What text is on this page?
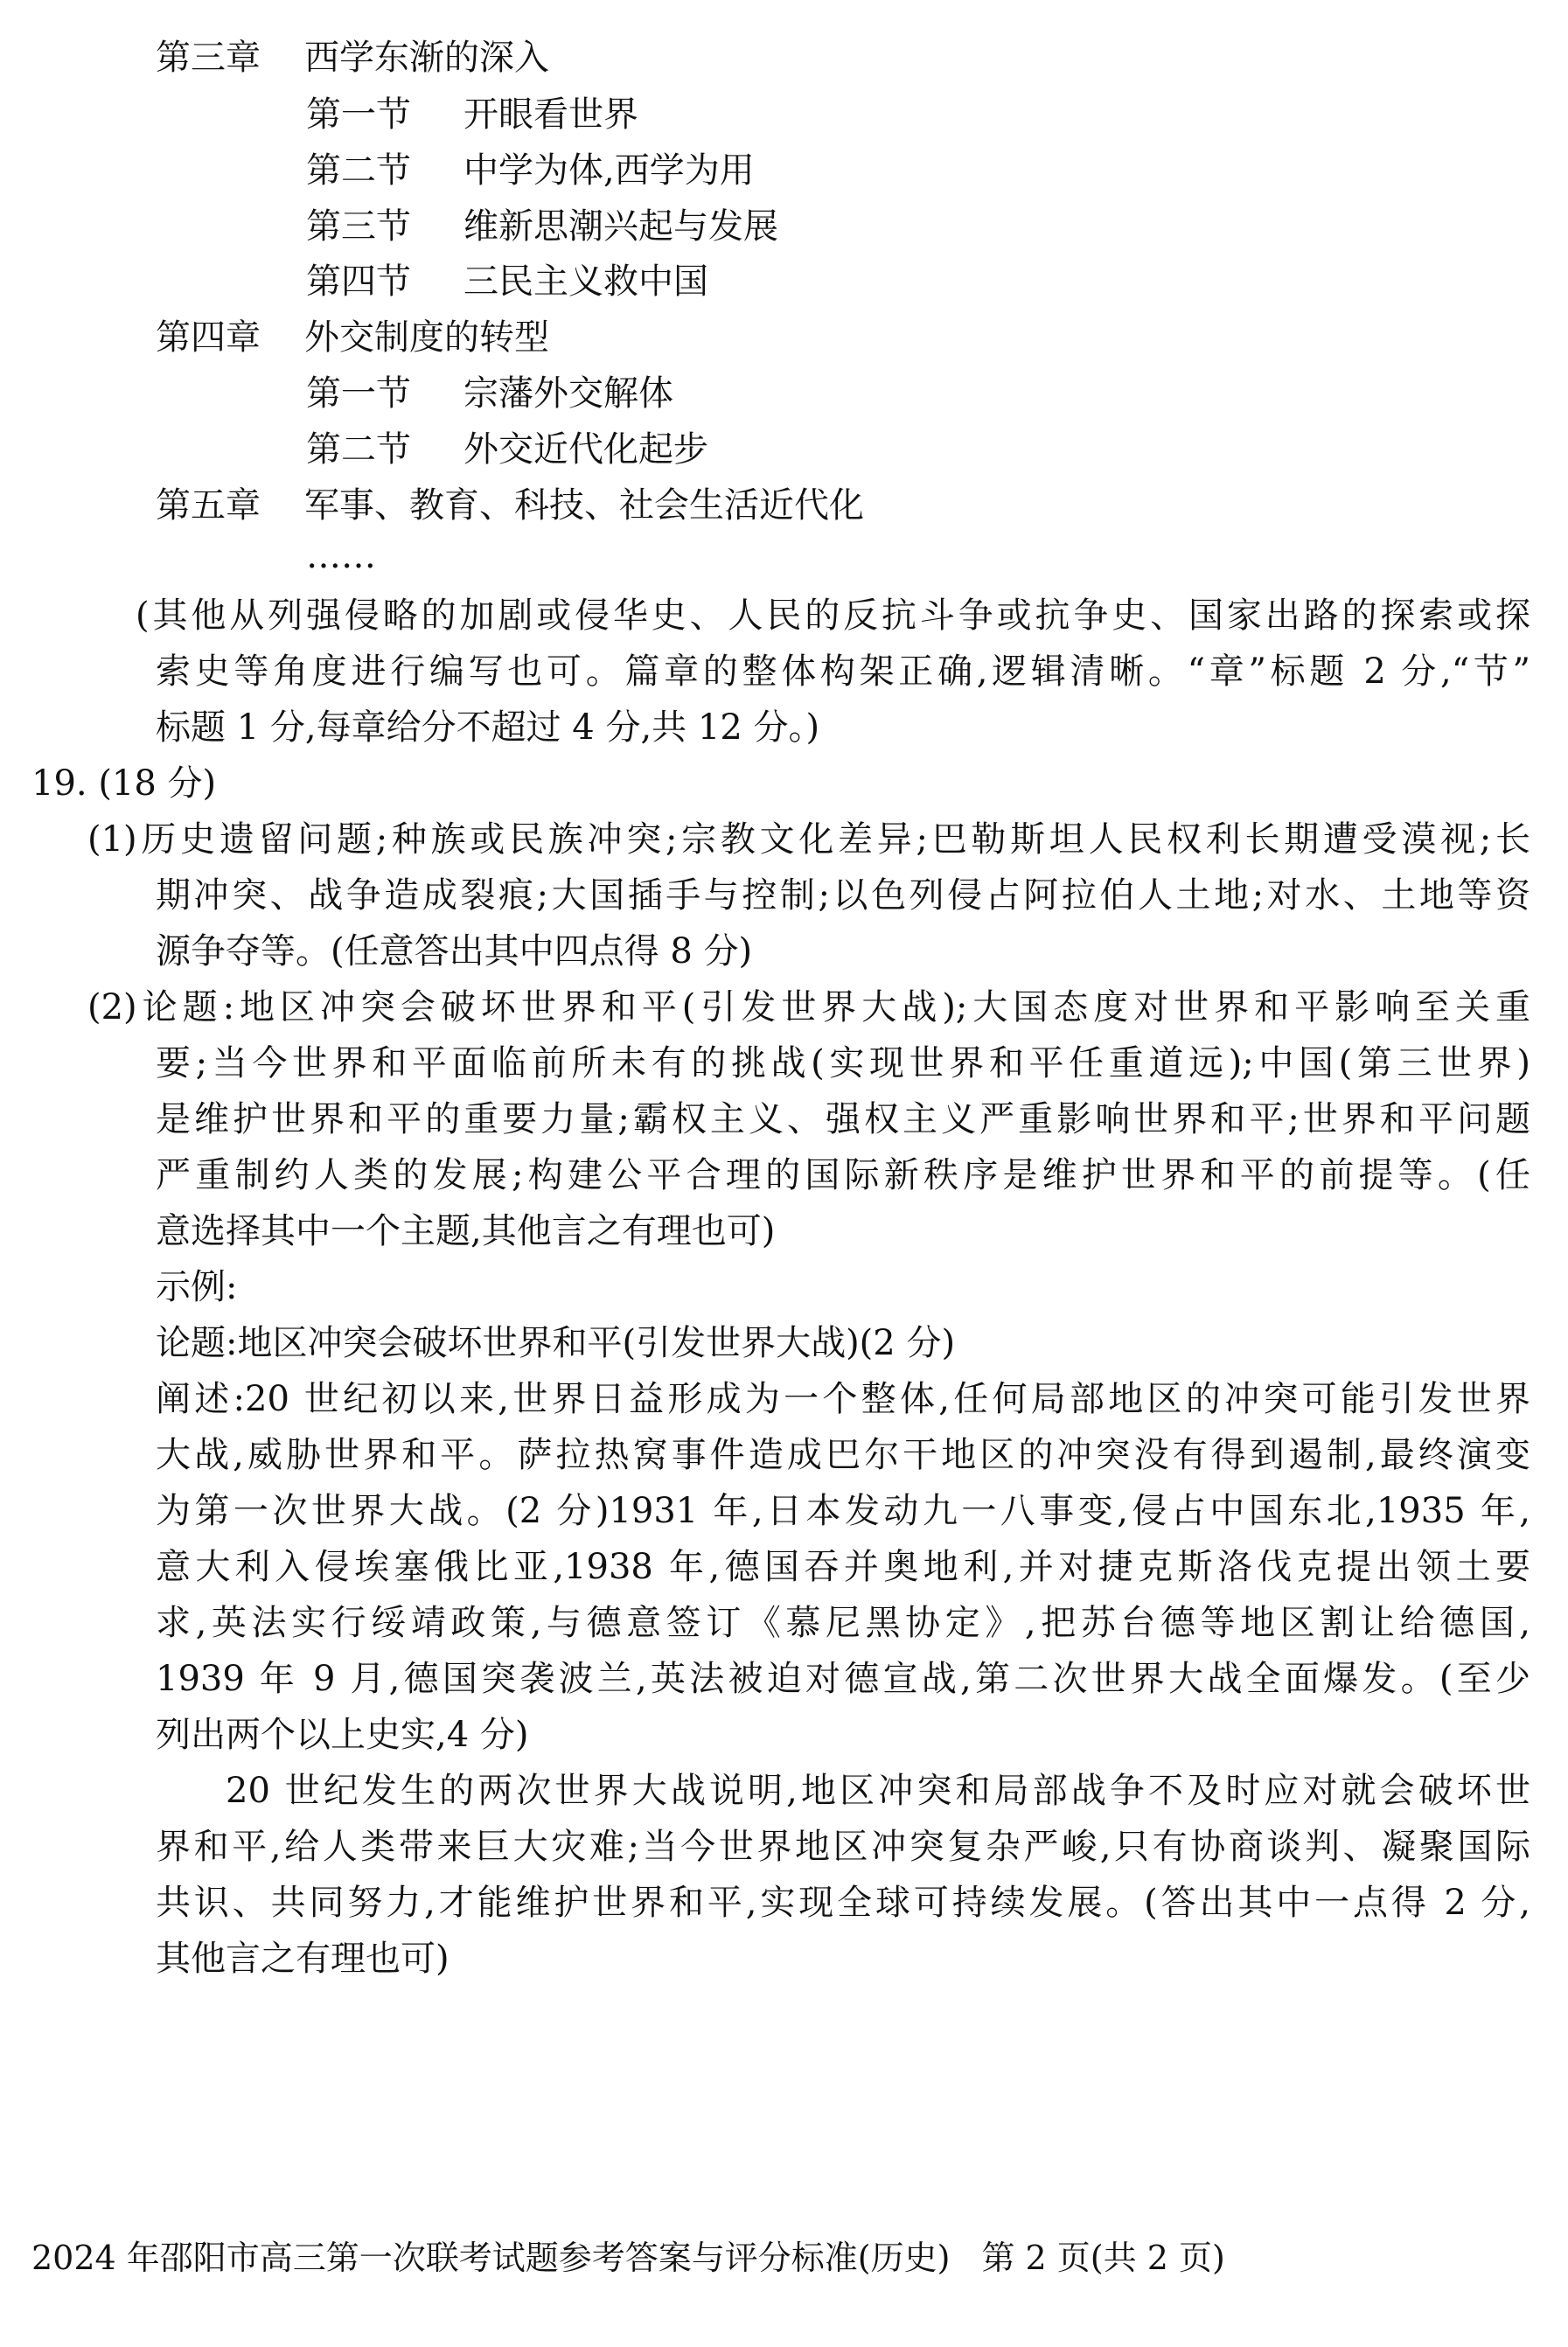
第三章 西学东渐的深入
第一节 开眼看世界
第二节 中学为体,西学为用
第三节 维新思潮兴起与发展
第四节 三民主义救中国
第四章 外交制度的转型
第一节 宗藩外交解体
第二节 外交近代化起步
第五章 军事、教育、科技、社会生活近代化
……
(其他从列强侵略的加剧或侵华史、人民的反抗斗争或抗争史、国家出路的探索或探
索史等角度进行编写也可。篇章的整体构架正确,逻辑清晰。“章”标题 2 分,“节”
标题 1 分,每章给分不超过 4 分,共 12 分。)
19. (18 分)
(1)历史遗留问题;种族或民族冲突;宗教文化差异;巴勒斯坦人民权利长期遭受漠视;长
期冲突、战争造成裂痕;大国插手与控制;以色列侵占阿拉伯人土地;对水、土地等资
源争夺等。(任意答出其中四点得 8 分)
(2)论题:地区冲突会破坏世界和平(引发世界大战);大国态度对世界和平影响至关重
要;当今世界和平面临前所未有的挑战(实现世界和平任重道远);中国(第三世界)
是维护世界和平的重要力量;霸权主义、强权主义严重影响世界和平;世界和平问题
严重制约人类的发展;构建公平合理的国际新秩序是维护世界和平的前提等。(任
意选择其中一个主题,其他言之有理也可)
示例:
论题:地区冲突会破坏世界和平(引发世界大战)(2 分)
阐述:20 世纪初以来,世界日益形成为一个整体,任何局部地区的冲突可能引发世界
大战,威胁世界和平。萨拉热窝事件造成巴尔干地区的冲突没有得到遏制,最终演变
为第一次世界大战。(2 分)1931 年,日本发动九一八事变,侵占中国东北,1935 年,
意大利入侵埃塞俄比亚,1938 年,德国吞并奥地利,并对捷克斯洛伐克提出领土要
求,英法实行绥靖政策,与德意签订《慕尼黑协定》,把苏台德等地区割让给德国,
1939 年 9 月,德国突袭波兰,英法被迫对德宣战,第二次世界大战全面爆发。(至少
列出两个以上史实,4 分)
20 世纪发生的两次世界大战说明,地区冲突和局部战争不及时应对就会破坏世
界和平,给人类带来巨大灾难;当今世界地区冲突复杂严峻,只有协商谈判、凝聚国际
共识、共同努力,才能维护世界和平,实现全球可持续发展。(答出其中一点得 2 分,
其他言之有理也可)
2024 年邵阳市高三第一次联考试题参考答案与评分标准(历史) 第 2 页(共 2 页)
